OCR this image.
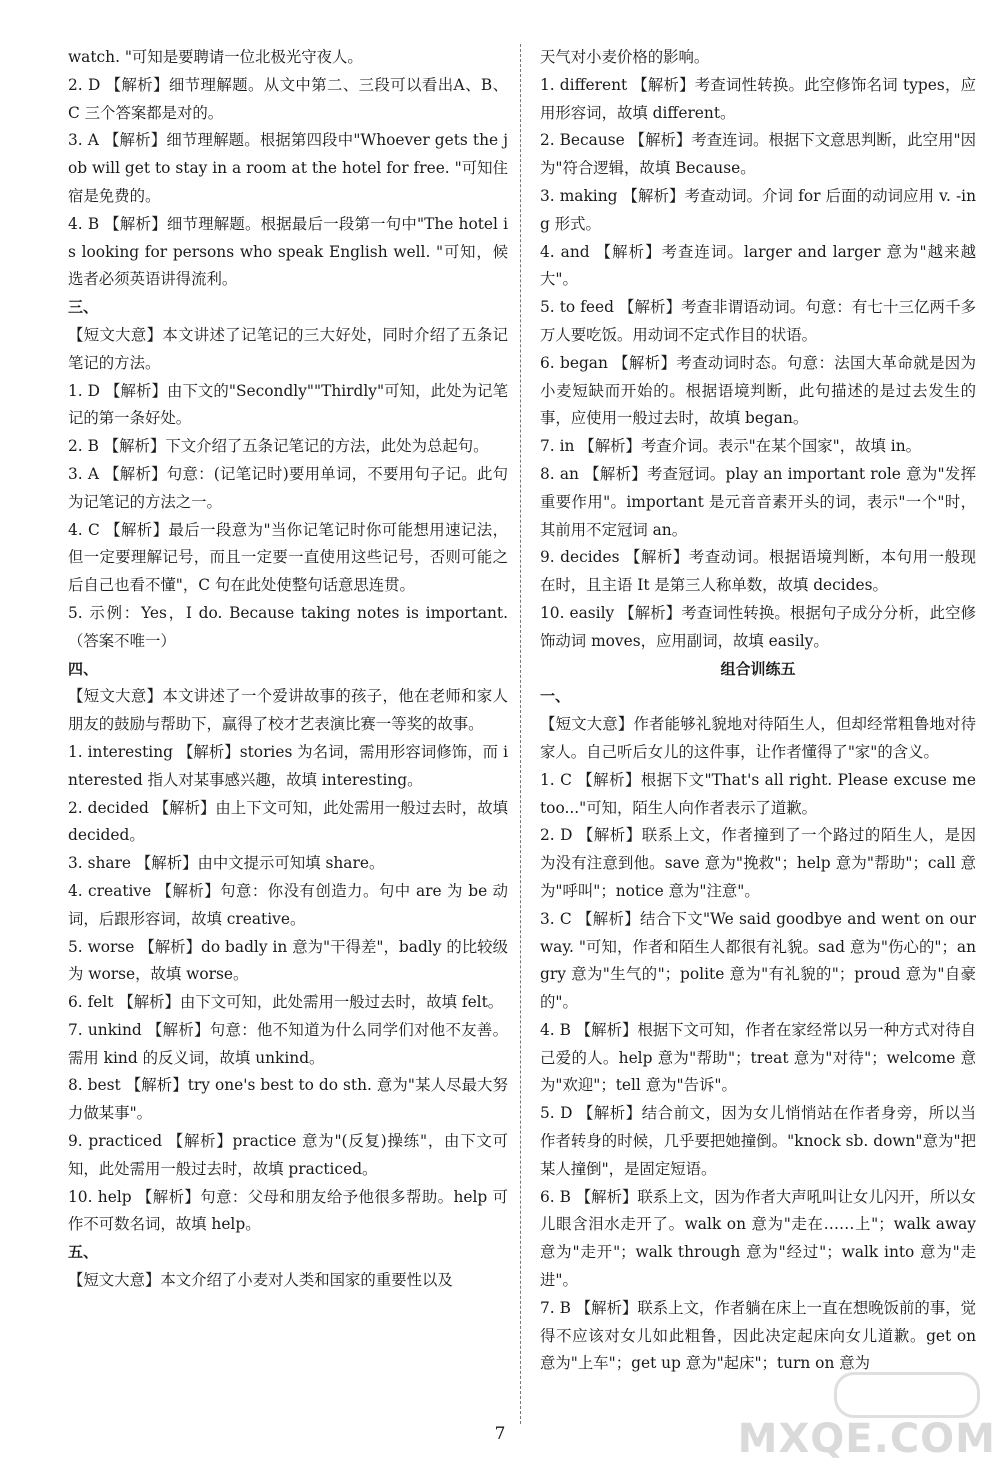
watch. "可知是要聘请一位北极光守夜人。

2. D 【解析】细节理解题。从文中第二、三段可以看出A、B、C 三个答案都是对的。

3. A 【解析】细节理解题。根据第四段中"Whoever gets the job will get to stay in a room at the hotel for free. "可知住宿是免费的。

4. B 【解析】细节理解题。根据最后一段第一句中"The hotel is looking for persons who speak English well. "可知，候选者必须英语讲得流利。

三、

【短文大意】本文讲述了记笔记的三大好处，同时介绍了五条记笔记的方法。

1. D 【解析】由下文的"Secondly""Thirdly"可知，此处为记笔记的第一条好处。

2. B 【解析】下文介绍了五条记笔记的方法，此处为总起句。

3. A 【解析】句意：(记笔记时)要用单词，不要用句子记。此句为记笔记的方法之一。

4. C 【解析】最后一段意为"当你记笔记时你可能想用速记法，但一定要理解记号，而且一定要一直使用这些记号，否则可能之后自己也看不懂"，C 句在此处使整句话意思连贯。

5. 示例：Yes，I do. Because taking notes is important.（答案不唯一）

四、

【短文大意】本文讲述了一个爱讲故事的孩子，他在老师和家人朋友的鼓励与帮助下，赢得了校才艺表演比赛一等奖的故事。

1. interesting 【解析】stories 为名词，需用形容词修饰，而 interested 指人对某事感兴趣，故填 interesting。

2. decided 【解析】由上下文可知，此处需用一般过去时，故填 decided。

3. share 【解析】由中文提示可知填 share。

4. creative 【解析】句意：你没有创造力。句中 are 为 be 动词，后跟形容词，故填 creative。

5. worse 【解析】do badly in 意为"干得差"，badly 的比较级为 worse，故填 worse。

6. felt 【解析】由下文可知，此处需用一般过去时，故填 felt。

7. unkind 【解析】句意：他不知道为什么同学们对他不友善。需用 kind 的反义词，故填 unkind。

8. best 【解析】try one's best to do sth. 意为"某人尽最大努力做某事"。

9. practiced 【解析】practice 意为"(反复)操练"，由下文可知，此处需用一般过去时，故填 practiced。

10. help 【解析】句意：父母和朋友给予他很多帮助。help 可作不可数名词，故填 help。

五、

【短文大意】本文介绍了小麦对人类和国家的重要性以及

天气对小麦价格的影响。

1. different 【解析】考查词性转换。此空修饰名词 types，应用形容词，故填 different。

2. Because 【解析】考查连词。根据下文意思判断，此空用"因为"符合逻辑，故填 Because。

3. making 【解析】考查动词。介词 for 后面的动词应用 v. -ing 形式。

4. and 【解析】考查连词。larger and larger 意为"越来越大"。

5. to feed 【解析】考查非谓语动词。句意：有七十三亿两千多万人要吃饭。用动词不定式作目的状语。

6. began 【解析】考查动词时态。句意：法国大革命就是因为小麦短缺而开始的。根据语境判断，此句描述的是过去发生的事，应使用一般过去时，故填 began。

7. in 【解析】考查介词。表示"在某个国家"，故填 in。

8. an 【解析】考查冠词。play an important role 意为"发挥重要作用"。important 是元音音素开头的词，表示"一个"时，其前用不定冠词 an。

9. decides 【解析】考查动词。根据语境判断，本句用一般现在时，且主语 It 是第三人称单数，故填 decides。

10. easily 【解析】考查词性转换。根据句子成分分析，此空修饰动词 moves，应用副词，故填 easily。

组合训练五

一、

【短文大意】作者能够礼貌地对待陌生人，但却经常粗鲁地对待家人。自己听后女儿的这件事，让作者懂得了"家"的含义。

1. C 【解析】根据下文"That's all right. Please excuse me too..."可知，陌生人向作者表示了道歉。

2. D 【解析】联系上文，作者撞到了一个路过的陌生人，是因为没有注意到他。save 意为"挽救"；help 意为"帮助"；call 意为"呼叫"；notice 意为"注意"。

3. C 【解析】结合下文"We said goodbye and went on our way. "可知，作者和陌生人都很有礼貌。sad 意为"伤心的"；angry 意为"生气的"；polite 意为"有礼貌的"；proud 意为"自豪的"。

4. B 【解析】根据下文可知，作者在家经常以另一种方式对待自己爱的人。help 意为"帮助"；treat 意为"对待"；welcome 意为"欢迎"；tell 意为"告诉"。

5. D 【解析】结合前文，因为女儿悄悄站在作者身旁，所以当作者转身的时候，几乎要把她撞倒。"knock sb. down"意为"把某人撞倒"，是固定短语。

6. B 【解析】联系上文，因为作者大声吼叫让女儿闪开，所以女儿眼含泪水走开了。walk on 意为"走在……上"；walk away 意为"走开"；walk through 意为"经过"；walk into 意为"走进"。

7. B 【解析】联系上文，作者躺在床上一直在想晚饭前的事，觉得不应该对女儿如此粗鲁，因此决定起床向女儿道歉。get on 意为"上车"；get up 意为"起床"；turn on 意为

7	MXQE.COM
